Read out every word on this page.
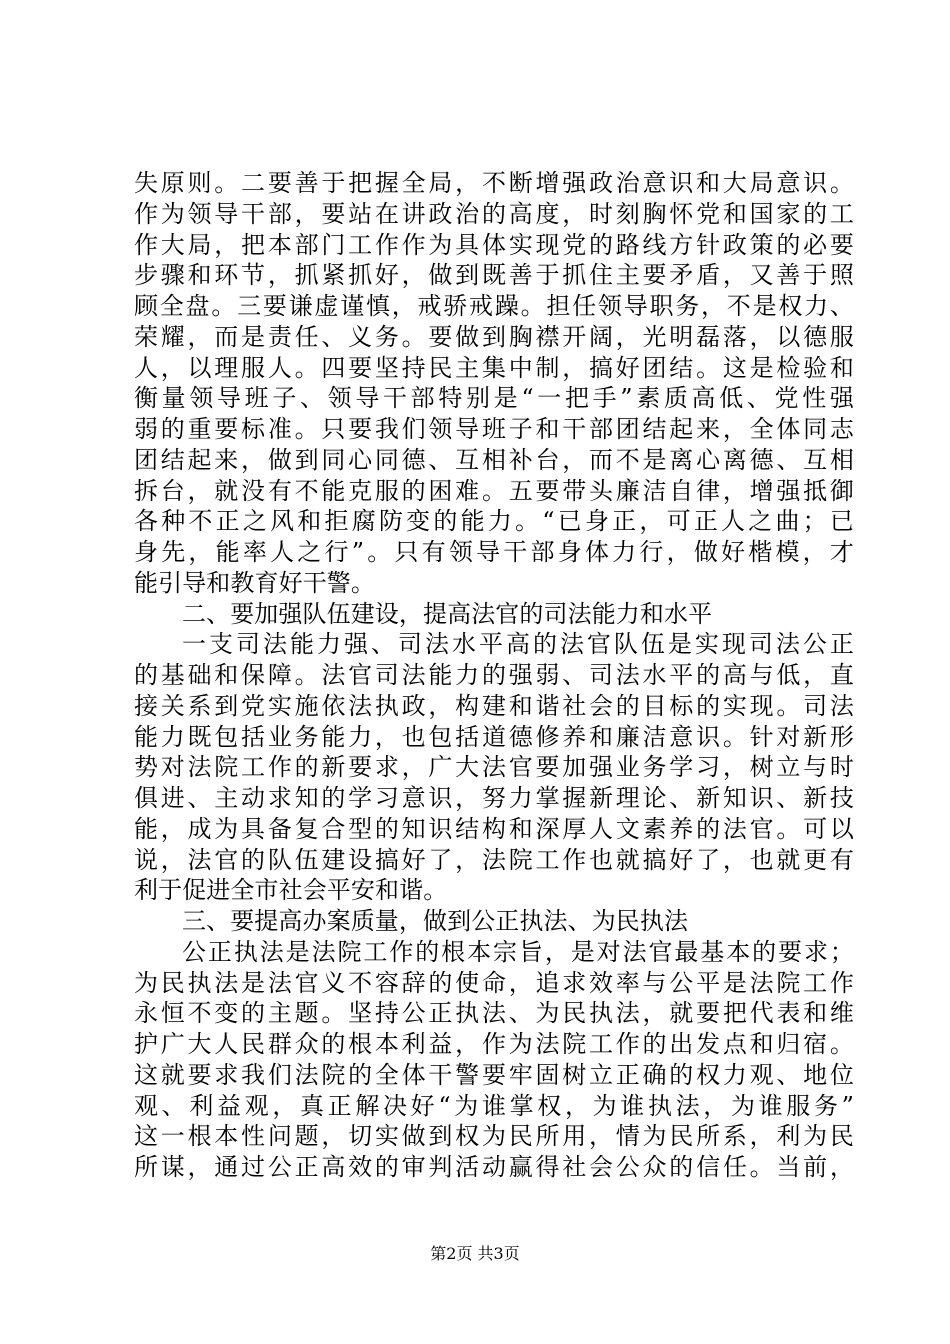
失原则。二要善于把握全局，不断增强政治意识和大局意识。
作为领导干部，要站在讲政治的高度，时刻胸怀党和国家的工
作大局，把本部门工作作为具体实现党的路线方针政策的必要
步骤和环节，抓紧抓好，做到既善于抓住主要矛盾，又善于照
顾全盘。三要谦虚谨慎，戒骄戒躁。担任领导职务，不是权力、
荣耀，而是责任、义务。要做到胸襟开阔，光明磊落，以德服
人，以理服人。四要坚持民主集中制，搞好团结。这是检验和
衡量领导班子、领导干部特别是“一把手”素质高低、党性强
弱的重要标准。只要我们领导班子和干部团结起来，全体同志
团结起来，做到同心同德、互相补台，而不是离心离德、互相
拆台，就没有不能克服的困难。五要带头廉洁自律，增强抵御
各种不正之风和拒腐防变的能力。“已身正，可正人之曲；已
身先，能率人之行”。只有领导干部身体力行，做好楷模，才
能引导和教育好干警。
二、要加强队伍建设，提高法官的司法能力和水平
一支司法能力强、司法水平高的法官队伍是实现司法公正
的基础和保障。法官司法能力的强弱、司法水平的高与低，直
接关系到党实施依法执政，构建和谐社会的目标的实现。司法
能力既包括业务能力，也包括道德修养和廉洁意识。针对新形
势对法院工作的新要求，广大法官要加强业务学习，树立与时
俱进、主动求知的学习意识，努力掌握新理论、新知识、新技
能，成为具备复合型的知识结构和深厚人文素养的法官。可以
说，法官的队伍建设搞好了，法院工作也就搞好了，也就更有
利于促进全市社会平安和谐。
三、要提高办案质量，做到公正执法、为民执法
公正执法是法院工作的根本宗旨，是对法官最基本的要求；
为民执法是法官义不容辞的使命，追求效率与公平是法院工作
永恒不变的主题。坚持公正执法、为民执法，就要把代表和维
护广大人民群众的根本利益，作为法院工作的出发点和归宿。
这就要求我们法院的全体干警要牢固树立正确的权力观、地位
观、利益观，真正解决好“为谁掌权，为谁执法，为谁服务”
这一根本性问题，切实做到权为民所用，情为民所系，利为民
所谋，通过公正高效的审判活动赢得社会公众的信任。当前，
第2页 共3页
